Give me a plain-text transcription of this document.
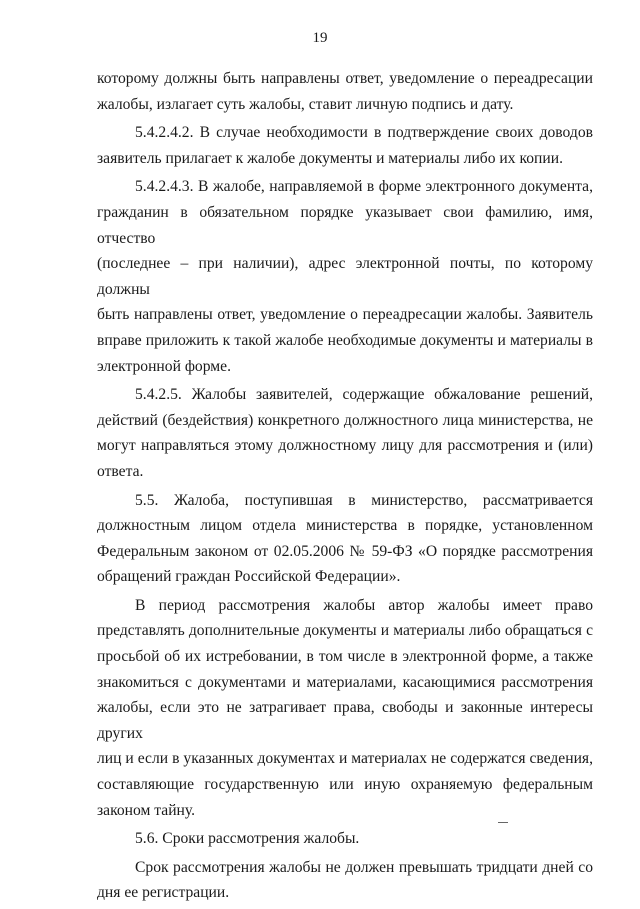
19

которому должны быть направлены ответ, уведомление о переадресации
жалобы, излагает суть жалобы, ставит личную подпись и дату.

5.4.2.4.2. В случае необходимости в подтверждение своих доводов
заявитель прилагает к жалобе документы и материалы либо их копии.

5.4.2.4.3. В жалобе, направляемой в форме электронного документа,
гражданин в обязательном порядке указывает свои фамилию, имя, отчество
(последнее – при наличии), адрес электронной почты, по которому должны
быть направлены ответ, уведомление о переадресации жалобы. Заявитель
вправе приложить к такой жалобе необходимые документы и материалы в
электронной форме.

5.4.2.5. Жалобы заявителей, содержащие обжалование решений,
действий (бездействия) конкретного должностного лица министерства, не
могут направляться этому должностному лицу для рассмотрения и (или)
ответа.

5.5. Жалоба, поступившая в министерство, рассматривается
должностным лицом отдела министерства в порядке, установленном
Федеральным законом от 02.05.2006 № 59-ФЗ «О порядке рассмотрения
обращений граждан Российской Федерации».

В период рассмотрения жалобы автор жалобы имеет право
представлять дополнительные документы и материалы либо обращаться с
просьбой об их истребовании, в том числе в электронной форме, а также
знакомиться с документами и материалами, касающимися рассмотрения
жалобы, если это не затрагивает права, свободы и законные интересы других
лиц и если в указанных документах и материалах не содержатся сведения,
составляющие государственную или иную охраняемую федеральным
законом тайну.

5.6. Сроки рассмотрения жалобы.

Срок рассмотрения жалобы не должен превышать тридцати дней со
дня ее регистрации.
